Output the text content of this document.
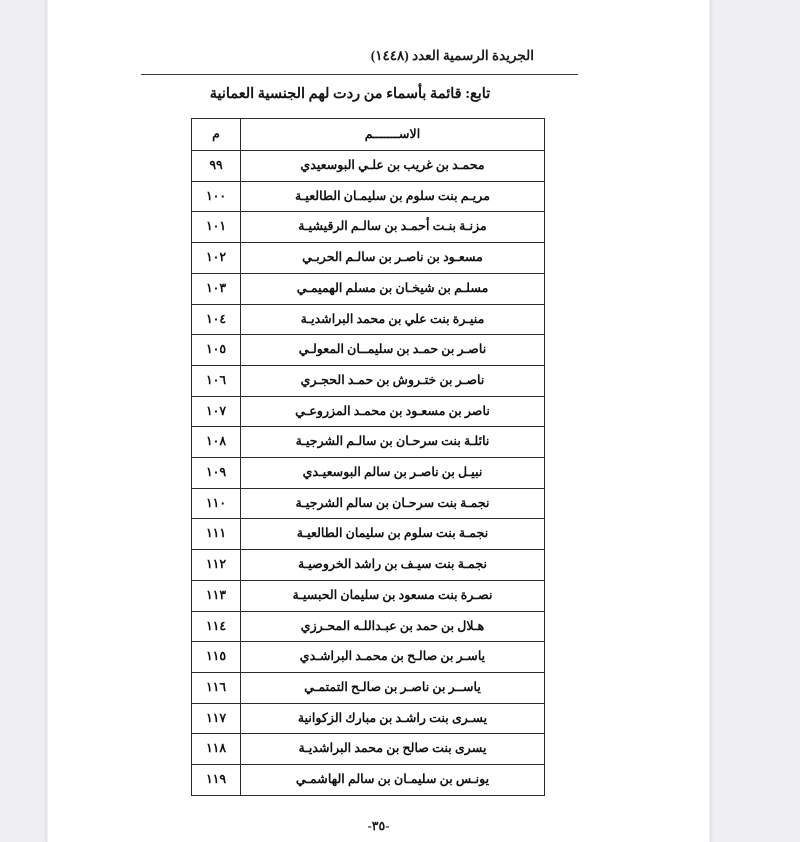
الجريدة الرسمية العدد (١٤٤٨)
تابع: قائمة بأسماء من ردت لهم الجنسية العمانية
الاســـــــم	م
محمـد بن غريب بن علـي البوسعيدي	٩٩
مريـم بنت سلوم بن سليمـان الطالعيـة	١٠٠
مزنـة بنـت أحمـد بن سالـم الرقيشيـة	١٠١
مسعـود بن ناصـر بن سالـم الحربـي	١٠٢
مسلـم بن شيخـان بن مسلم الهميمـي	١٠٣
منيـرة بنت علي بن محمد البراشديـة	١٠٤
ناصـر بن حمـد بن سليمــان المعولـي	١٠٥
ناصـر بن ختـروش بن حمـد الحجـري	١٠٦
ناصر بن مسعـود بن محمـد المزروعـي	١٠٧
نائلـة بنت سرحـان بن سالـم الشرجيـة	١٠٨
نبيـل بن ناصـر بن سالم البوسعيـدي	١٠٩
نجمـة بنت سرحـان بن سالم الشرجيـة	١١٠
نجمـة بنت سلوم بن سليمان الطالعيـة	١١١
نجمـة بنت سيـف بن راشد الخروصيـة	١١٢
نصـرة بنت مسعود بن سليمان الحبسيـة	١١٣
هـلال بن حمد بن عبـداللـه المحـرزي	١١٤
ياسـر بن صالـح بن محمـد البراشـدي	١١٥
ياســر بن ناصـر بن صالـح التمتمـي	١١٦
يسـرى بنت راشـد بن مبارك الزكوانية	١١٧
يسرى بنت صالح بن محمد البراشديـة	١١٨
يونـس بن سليمـان بن سالم الهاشمـي	١١٩
-٣٥-
